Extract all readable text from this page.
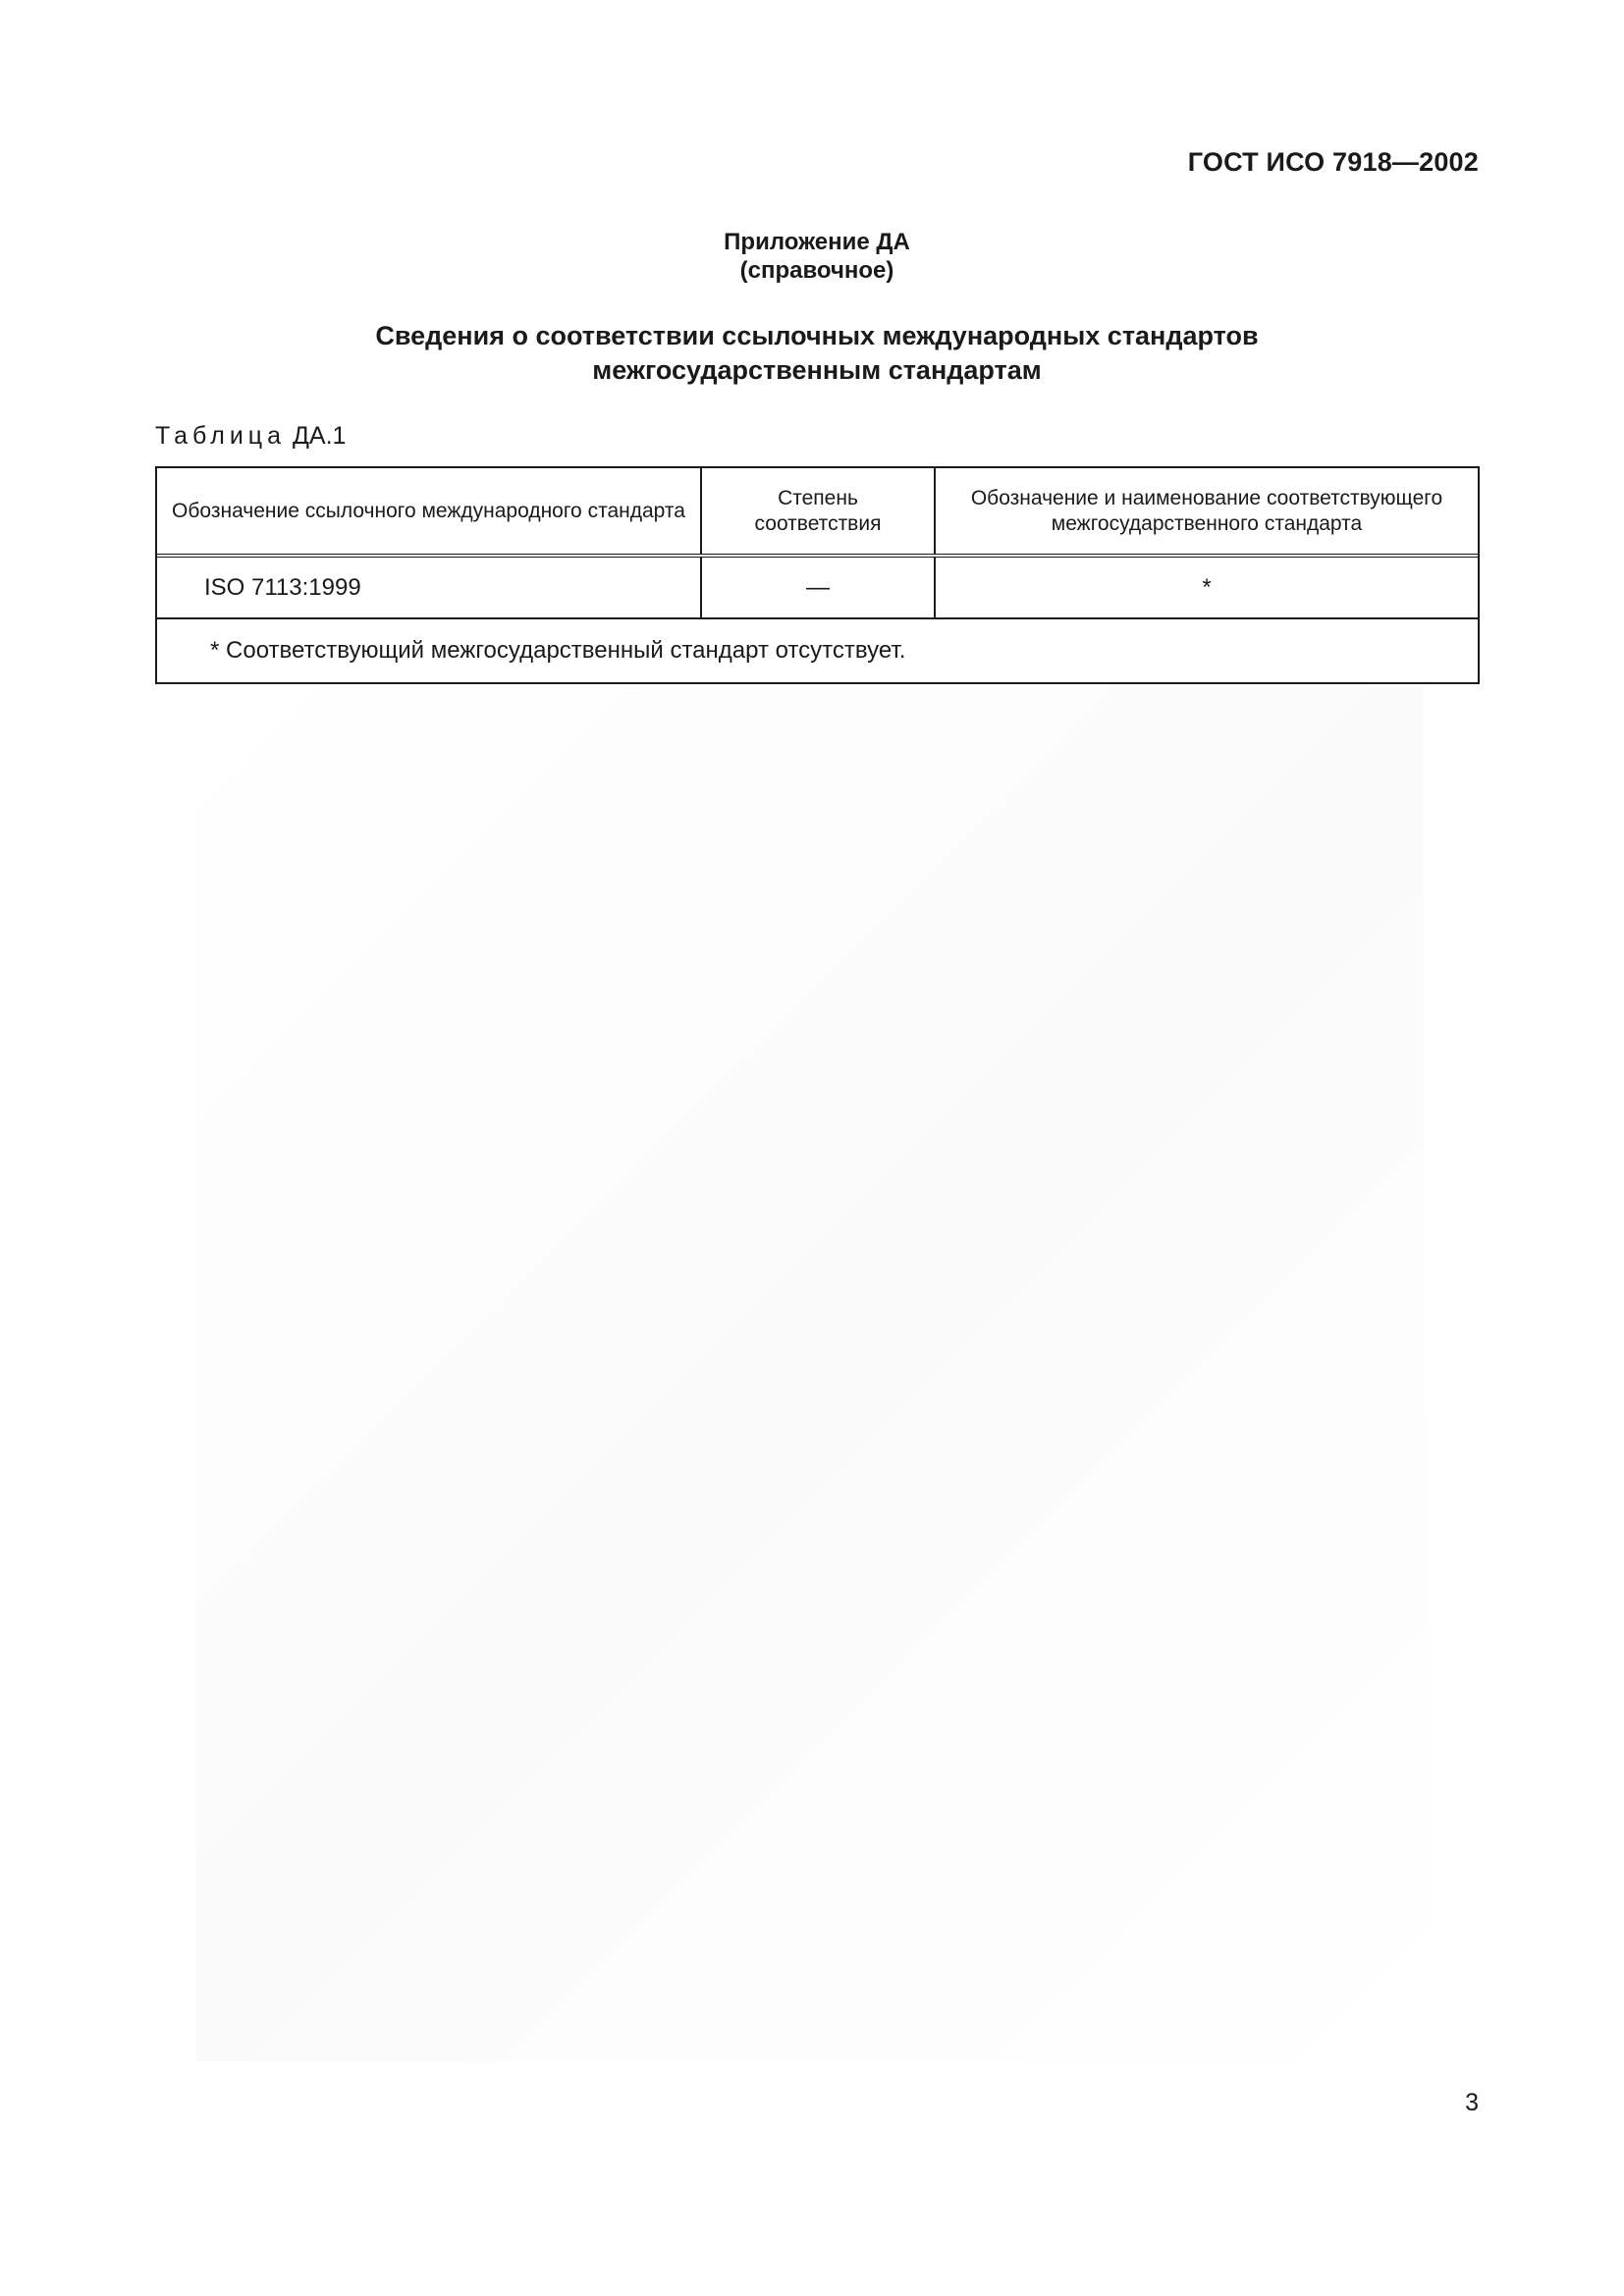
ГОСТ ИСО 7918—2002
Приложение ДА
(справочное)
Сведения о соответствии ссылочных международных стандартов
межгосударственным стандартам
Таблица ДА.1
Обозначение ссылочного международного стандарта
Степень соответствия
Обозначение и наименование соответствующего межгосударственного стандарта
ISO 7113:1999	—	*
* Соответствующий межгосударственный стандарт отсутствует.
3
